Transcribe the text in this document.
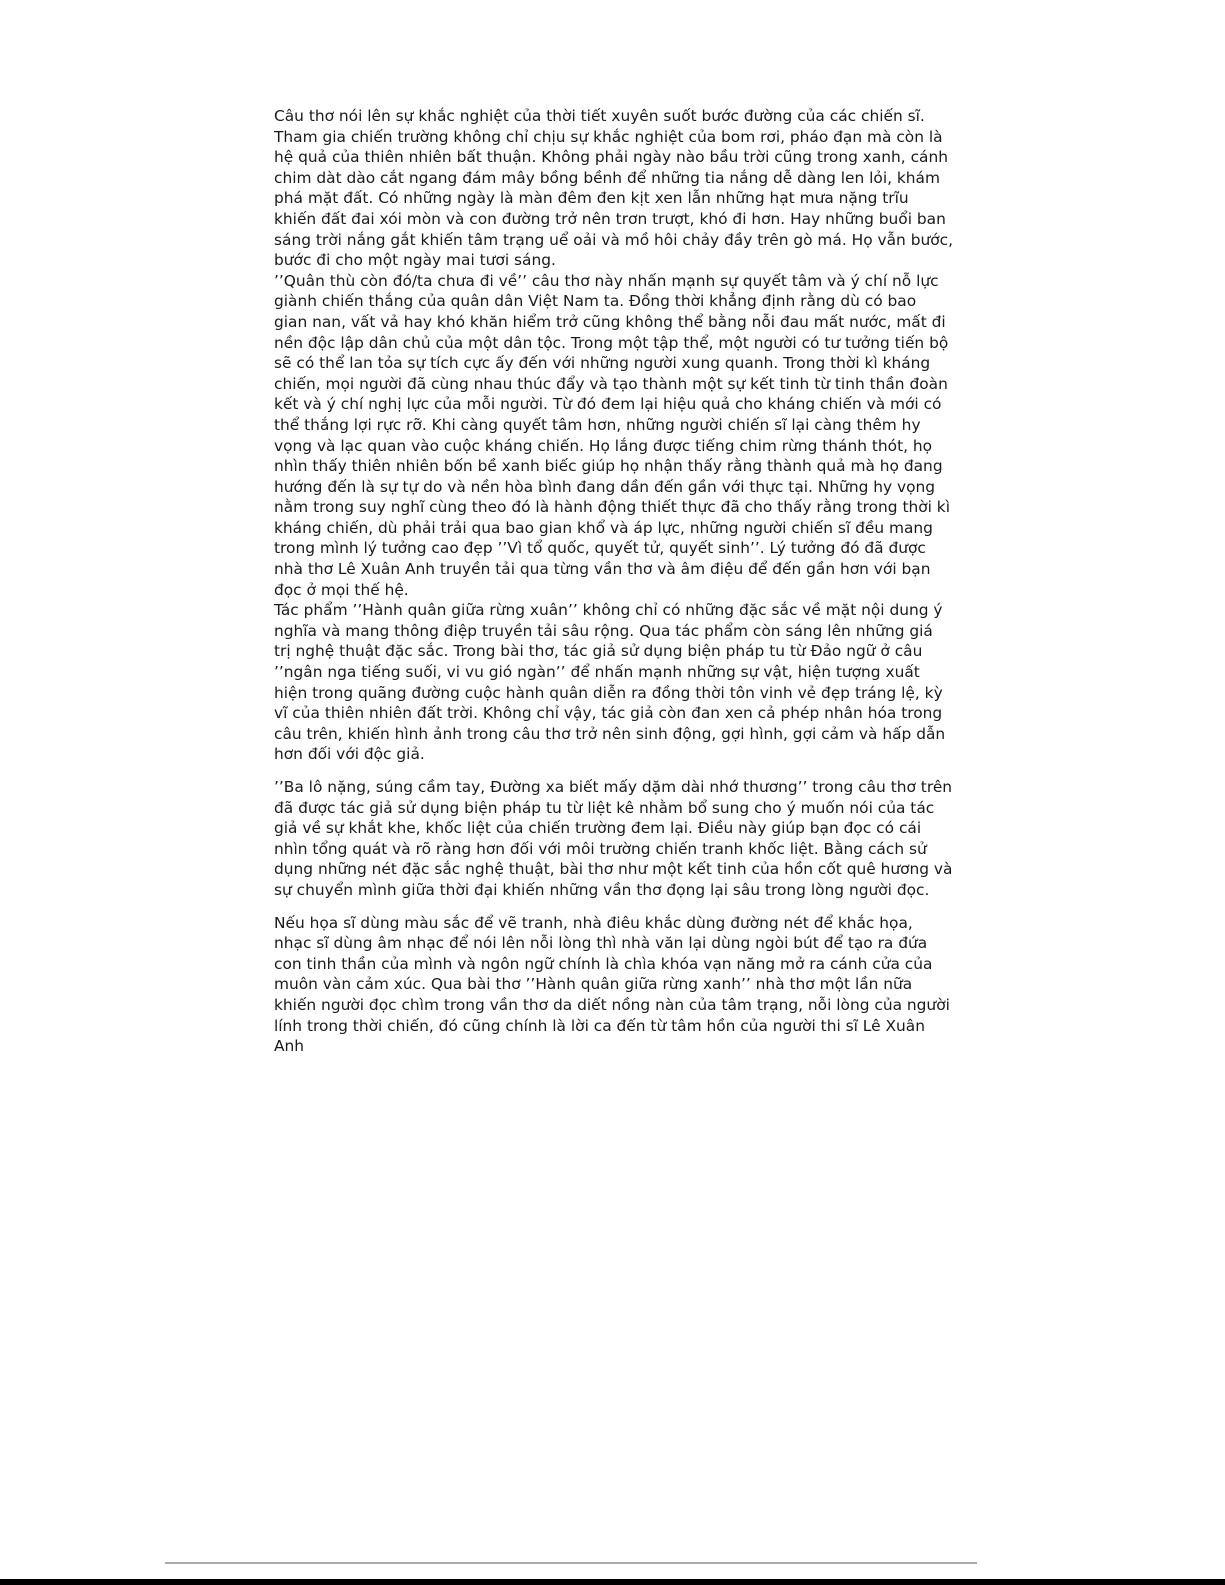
Câu thơ nói lên sự khắc nghiệt của thời tiết xuyên suốt bước đường của các chiến sĩ. Tham gia chiến trường không chỉ chịu sự khắc nghiệt của bom rơi, pháo đạn mà còn là hệ quả của thiên nhiên bất thuận. Không phải ngày nào bầu trời cũng trong xanh, cánh chim dàt dào cắt ngang đám mây bồng bềnh để những tia nắng dễ dàng len lỏi, khám phá mặt đất. Có những ngày là màn đêm đen kịt xen lẫn những hạt mưa nặng trĩu khiến đất đai xói mòn và con đường trở nên trơn trượt, khó đi hơn. Hay những buổi ban sáng trời nắng gắt khiến tâm trạng uể oải và mồ hôi chảy đầy trên gò má. Họ vẫn bước, bước đi cho một ngày mai tươi sáng.

’’Quân thù còn đó/ta chưa đi về’’ câu thơ này nhấn mạnh sự quyết tâm và ý chí nỗ lực giành chiến thắng của quân dân Việt Nam ta. Đồng thời khẳng định rằng dù có bao gian nan, vất vả hay khó khăn hiểm trở cũng không thể bằng nỗi đau mất nước, mất đi nền độc lập dân chủ của một dân tộc. Trong một tập thể, một người có tư tưởng tiến bộ sẽ có thể lan tỏa sự tích cực ấy đến với những người xung quanh. Trong thời kì kháng chiến, mọi người đã cùng nhau thúc đẩy và tạo thành một sự kết tinh từ tinh thần đoàn kết và ý chí nghị lực của mỗi người. Từ đó đem lại hiệu quả cho kháng chiến và mới có thể thắng lợi rực rỡ. Khi càng quyết tâm hơn, những người chiến sĩ lại càng thêm hy vọng và lạc quan vào cuộc kháng chiến. Họ lắng được tiếng chim rừng thánh thót, họ nhìn thấy thiên nhiên bốn bề xanh biếc giúp họ nhận thấy rằng thành quả mà họ đang hướng đến là sự tự do và nền hòa bình đang dần đến gần với thực tại. Những hy vọng nằm trong suy nghĩ cùng theo đó là hành động thiết thực đã cho thấy rằng trong thời kì kháng chiến, dù phải trải qua bao gian khổ và áp lực, những người chiến sĩ đều mang trong mình lý tưởng cao đẹp ’’Vì tổ quốc, quyết tử, quyết sinh’’. Lý tưởng đó đã được nhà thơ Lê Xuân Anh truyền tải qua từng vần thơ và âm điệu để đến gần hơn với bạn đọc ở mọi thế hệ.

Tác phẩm ’’Hành quân giữa rừng xuân’’ không chỉ có những đặc sắc về mặt nội dung ý nghĩa và mang thông điệp truyền tải sâu rộng. Qua tác phẩm còn sáng lên những giá trị nghệ thuật đặc sắc. Trong bài thơ, tác giả sử dụng biện pháp tu từ Đảo ngữ ở câu ’’ngân nga tiếng suối, vi vu gió ngàn’’ để nhấn mạnh những sự vật, hiện tượng xuất hiện trong quãng đường cuộc hành quân diễn ra đồng thời tôn vinh vẻ đẹp tráng lệ, kỳ vĩ của thiên nhiên đất trời. Không chỉ vậy, tác giả còn đan xen cả phép nhân hóa trong câu trên, khiến hình ảnh trong câu thơ trở nên sinh động, gợi hình, gợi cảm và hấp dẫn hơn đối với độc giả.

’’Ba lô nặng, súng cầm tay, Đường xa biết mấy dặm dài nhớ thương’’ trong câu thơ trên đã được tác giả sử dụng biện pháp tu từ liệt kê nhằm bổ sung cho ý muốn nói của tác giả về sự khắt khe, khốc liệt của chiến trường đem lại. Điều này giúp bạn đọc có cái nhìn tổng quát và rõ ràng hơn đối với môi trường chiến tranh khốc liệt. Bằng cách sử dụng những nét đặc sắc nghệ thuật, bài thơ như một kết tinh của hồn cốt quê hương và sự chuyển mình giữa thời đại khiến những vần thơ đọng lại sâu trong lòng người đọc.

Nếu họa sĩ dùng màu sắc để vẽ tranh, nhà điêu khắc dùng đường nét để khắc họa, nhạc sĩ dùng âm nhạc để nói lên nỗi lòng thì nhà văn lại dùng ngòi bút để tạo ra đứa con tinh thần của mình và ngôn ngữ chính là chìa khóa vạn năng mở ra cánh cửa của muôn vàn cảm xúc. Qua bài thơ ’’Hành quân giữa rừng xanh’’ nhà thơ một lần nữa khiến người đọc chìm trong vần thơ da diết nồng nàn của tâm trạng, nỗi lòng của người lính trong thời chiến, đó cũng chính là lời ca đến từ tâm hồn của người thi sĩ Lê Xuân Anh
